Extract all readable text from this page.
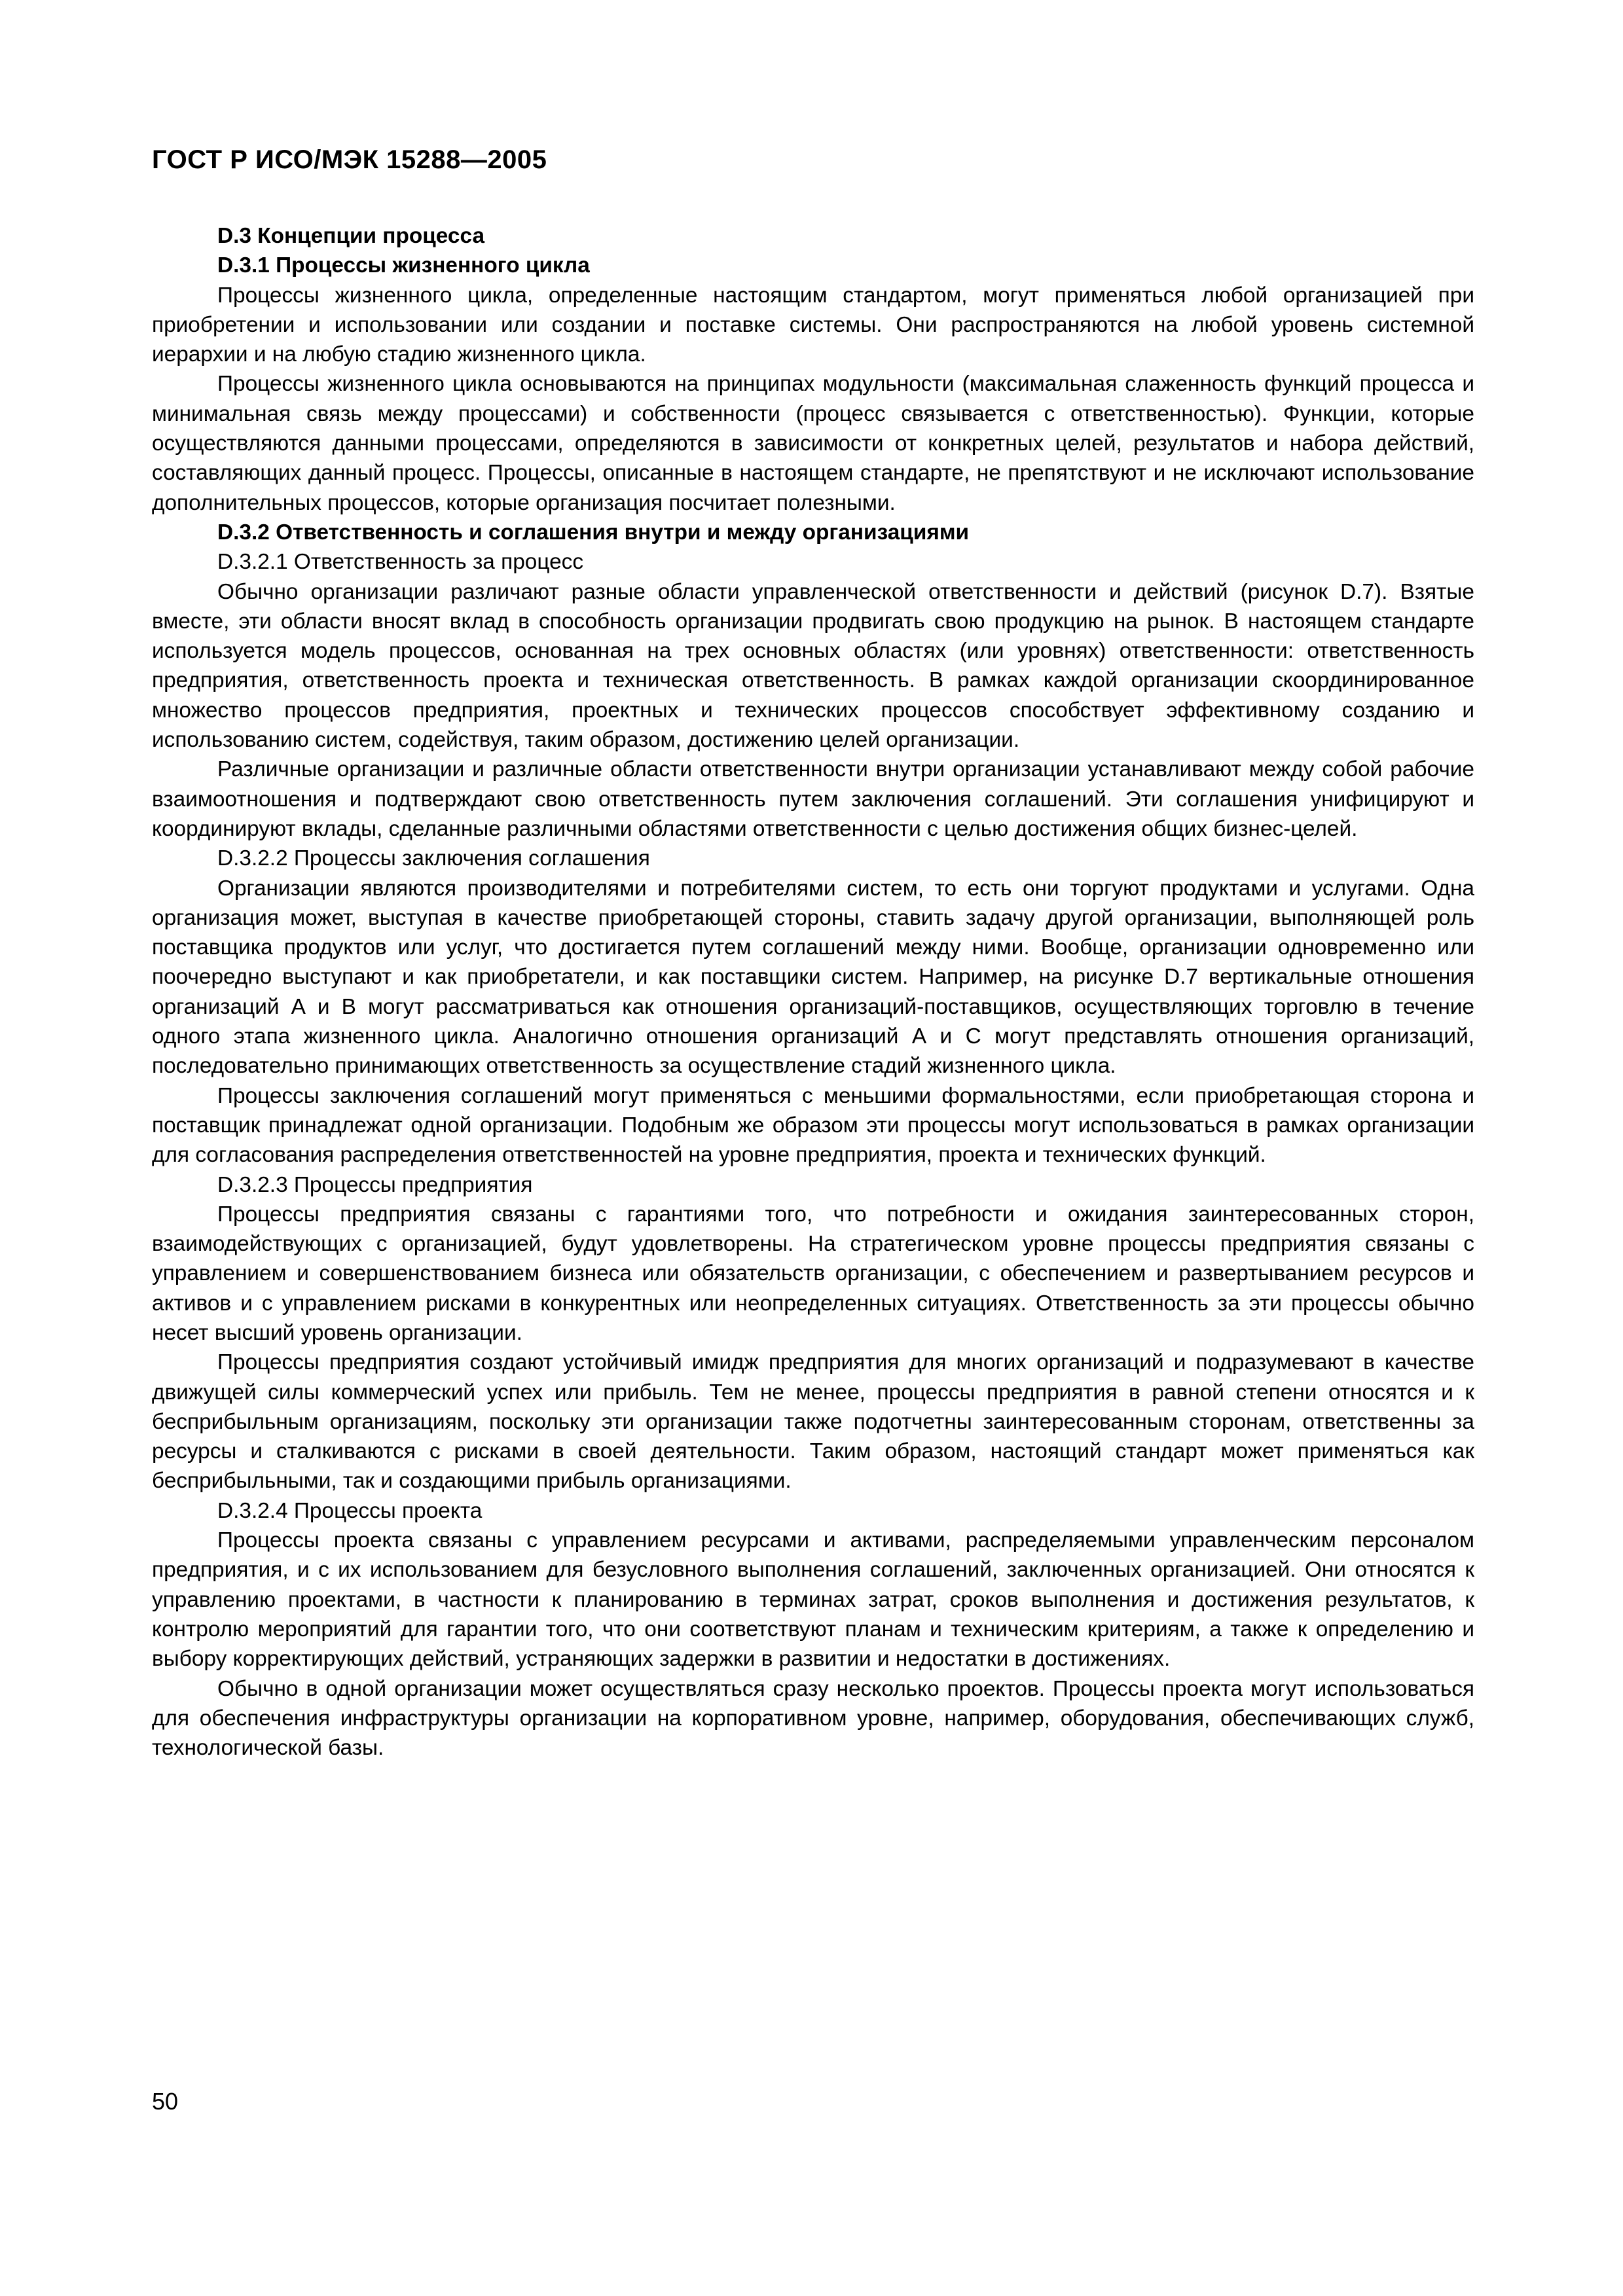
ГОСТ Р ИСО/МЭК 15288—2005
D.3 Концепции процесса
D.3.1 Процессы жизненного цикла

Процессы жизненного цикла, определенные настоящим стандартом, могут применяться любой организацией при приобретении и использовании или создании и поставке системы. Они распространяются на любой уровень системной иерархии и на любую стадию жизненного цикла.

Процессы жизненного цикла основываются на принципах модульности (максимальная слаженность функций процесса и минимальная связь между процессами) и собственности (процесс связывается с ответственностью). Функции, которые осуществляются данными процессами, определяются в зависимости от конкретных целей, результатов и набора действий, составляющих данный процесс. Процессы, описанные в настоящем стандарте, не препятствуют и не исключают использование дополнительных процессов, которые организация посчитает полезными.

D.3.2 Ответственность и соглашения внутри и между организациями
D.3.2.1 Ответственность за процесс

Обычно организации различают разные области управленческой ответственности и действий (рисунок D.7). Взятые вместе, эти области вносят вклад в способность организации продвигать свою продукцию на рынок. В настоящем стандарте используется модель процессов, основанная на трех основных областях (или уровнях) ответственности: ответственность предприятия, ответственность проекта и техническая ответственность. В рамках каждой организации скоординированное множество процессов предприятия, проектных и технических процессов способствует эффективному созданию и использованию систем, содействуя, таким образом, достижению целей организации.

Различные организации и различные области ответственности внутри организации устанавливают между собой рабочие взаимоотношения и подтверждают свою ответственность путем заключения соглашений. Эти соглашения унифицируют и координируют вклады, сделанные различными областями ответственности с целью достижения общих бизнес-целей.

D.3.2.2 Процессы заключения соглашения

Организации являются производителями и потребителями систем, то есть они торгуют продуктами и услугами. Одна организация может, выступая в качестве приобретающей стороны, ставить задачу другой организации, выполняющей роль поставщика продуктов или услуг, что достигается путем соглашений между ними. Вообще, организации одновременно или поочередно выступают и как приобретатели, и как поставщики систем. Например, на рисунке D.7 вертикальные отношения организаций А и В могут рассматриваться как отношения организаций-поставщиков, осуществляющих торговлю в течение одного этапа жизненного цикла. Аналогично отношения организаций А и С могут представлять отношения организаций, последовательно принимающих ответственность за осуществление стадий жизненного цикла.

Процессы заключения соглашений могут применяться с меньшими формальностями, если приобретающая сторона и поставщик принадлежат одной организации. Подобным же образом эти процессы могут использоваться в рамках организации для согласования распределения ответственностей на уровне предприятия, проекта и технических функций.

D.3.2.3 Процессы предприятия

Процессы предприятия связаны с гарантиями того, что потребности и ожидания заинтересованных сторон, взаимодействующих с организацией, будут удовлетворены. На стратегическом уровне процессы предприятия связаны с управлением и совершенствованием бизнеса или обязательств организации, с обеспечением и развертыванием ресурсов и активов и с управлением рисками в конкурентных или неопределенных ситуациях. Ответственность за эти процессы обычно несет высший уровень организации.

Процессы предприятия создают устойчивый имидж предприятия для многих организаций и подразумевают в качестве движущей силы коммерческий успех или прибыль. Тем не менее, процессы предприятия в равной степени относятся и к бесприбыльным организациям, поскольку эти организации также подотчетны заинтересованным сторонам, ответственны за ресурсы и сталкиваются с рисками в своей деятельности. Таким образом, настоящий стандарт может применяться как бесприбыльными, так и создающими прибыль организациями.

D.3.2.4 Процессы проекта

Процессы проекта связаны с управлением ресурсами и активами, распределяемыми управленческим персоналом предприятия, и с их использованием для безусловного выполнения соглашений, заключенных организацией. Они относятся к управлению проектами, в частности к планированию в терминах затрат, сроков выполнения и достижения результатов, к контролю мероприятий для гарантии того, что они соответствуют планам и техническим критериям, а также к определению и выбору корректирующих действий, устраняющих задержки в развитии и недостатки в достижениях.

Обычно в одной организации может осуществляться сразу несколько проектов. Процессы проекта могут использоваться для обеспечения инфраструктуры организации на корпоративном уровне, например, оборудования, обеспечивающих служб, технологической базы.

50
